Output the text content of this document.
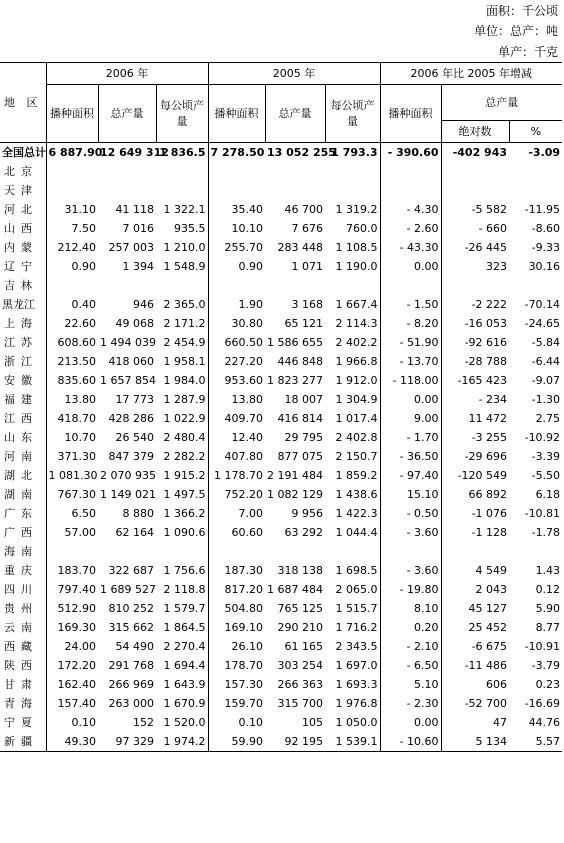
面积：千公顷
单位：总产：吨
单产：千克
地 区	2006 年			2005 年			2006 年比 2005 年增减		
	播种面积	总产量	每公顷产量	播种面积	总产量	每公顷产量	播种面积	总产量	
								绝对数	%
全国总计	6 887.90	12 649 312	1 836.5	7 278.50	13 052 255	1 793.3	- 390.60	-402 943	-3.09
北京									
天津									
河北	31.10	41 118	1 322.1	35.40	46 700	1 319.2	- 4.30	-5 582	-11.95
山西	7.50	7 016	935.5	10.10	7 676	760.0	- 2.60	- 660	-8.60
内蒙	212.40	257 003	1 210.0	255.70	283 448	1 108.5	- 43.30	-26 445	-9.33
辽宁	0.90	1 394	1 548.9	0.90	1 071	1 190.0	0.00	323	30.16
吉林									
黑龙江	0.40	946	2 365.0	1.90	3 168	1 667.4	- 1.50	-2 222	-70.14
上海	22.60	49 068	2 171.2	30.80	65 121	2 114.3	- 8.20	-16 053	-24.65
江苏	608.60	1 494 039	2 454.9	660.50	1 586 655	2 402.2	- 51.90	-92 616	-5.84
浙江	213.50	418 060	1 958.1	227.20	446 848	1 966.8	- 13.70	-28 788	-6.44
安徽	835.60	1 657 854	1 984.0	953.60	1 823 277	1 912.0	- 118.00	-165 423	-9.07
福建	13.80	17 773	1 287.9	13.80	18 007	1 304.9	0.00	- 234	-1.30
江西	418.70	428 286	1 022.9	409.70	416 814	1 017.4	9.00	11 472	2.75
山东	10.70	26 540	2 480.4	12.40	29 795	2 402.8	- 1.70	-3 255	-10.92
河南	371.30	847 379	2 282.2	407.80	877 075	2 150.7	- 36.50	-29 696	-3.39
湖北	1 081.30	2 070 935	1 915.2	1 178.70	2 191 484	1 859.2	- 97.40	-120 549	-5.50
湖南	767.30	1 149 021	1 497.5	752.20	1 082 129	1 438.6	15.10	66 892	6.18
广东	6.50	8 880	1 366.2	7.00	9 956	1 422.3	- 0.50	-1 076	-10.81
广西	57.00	62 164	1 090.6	60.60	63 292	1 044.4	- 3.60	-1 128	-1.78
海南									
重庆	183.70	322 687	1 756.6	187.30	318 138	1 698.5	- 3.60	4 549	1.43
四川	797.40	1 689 527	2 118.8	817.20	1 687 484	2 065.0	- 19.80	2 043	0.12
贵州	512.90	810 252	1 579.7	504.80	765 125	1 515.7	8.10	45 127	5.90
云南	169.30	315 662	1 864.5	169.10	290 210	1 716.2	0.20	25 452	8.77
西藏	24.00	54 490	2 270.4	26.10	61 165	2 343.5	- 2.10	-6 675	-10.91
陕西	172.20	291 768	1 694.4	178.70	303 254	1 697.0	- 6.50	-11 486	-3.79
甘肃	162.40	266 969	1 643.9	157.30	266 363	1 693.3	5.10	606	0.23
青海	157.40	263 000	1 670.9	159.70	315 700	1 976.8	- 2.30	-52 700	-16.69
宁夏	0.10	152	1 520.0	0.10	105	1 050.0	0.00	47	44.76
新疆	49.30	97 329	1 974.2	59.90	92 195	1 539.1	- 10.60	5 134	5.57
